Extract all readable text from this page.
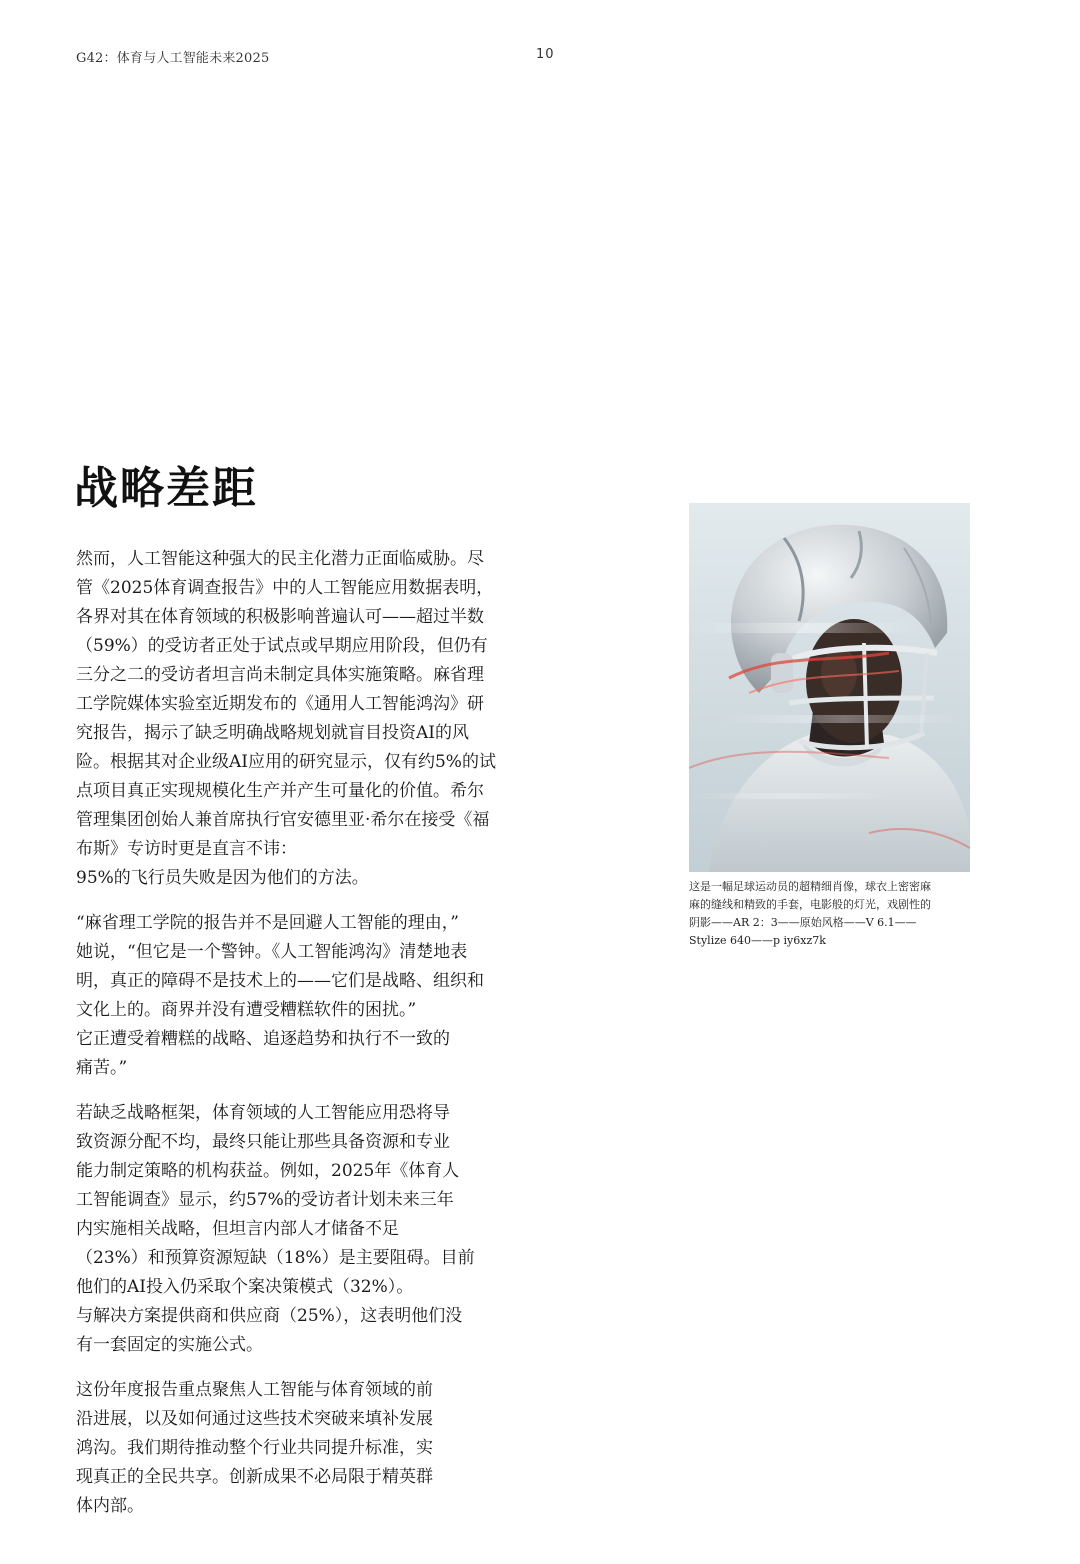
G42：体育与人工智能未来2025	10
战略差距

然而，人工智能这种强大的民主化潜力正面临威胁。尽
管《2025体育调查报告》中的人工智能应用数据表明，
各界对其在体育领域的积极影响普遍认可——超过半数
（59%）的受访者正处于试点或早期应用阶段，但仍有
三分之二的受访者坦言尚未制定具体实施策略。麻省理
工学院媒体实验室近期发布的《通用人工智能鸿沟》研
究报告，揭示了缺乏明确战略规划就盲目投资AI的风
险。根据其对企业级AI应用的研究显示，仅有约5%的试
点项目真正实现规模化生产并产生可量化的价值。希尔
管理集团创始人兼首席执行官安德里亚·希尔在接受《福
布斯》专访时更是直言不讳：
95%的飞行员失败是因为他们的方法。

“麻省理工学院的报告并不是回避人工智能的理由，”
她说，“但它是一个警钟。《人工智能鸿沟》清楚地表
明，真正的障碍不是技术上的——它们是战略、组织和
文化上的。商界并没有遭受糟糕软件的困扰。”
它正遭受着糟糕的战略、追逐趋势和执行不一致的
痛苦。”

若缺乏战略框架，体育领域的人工智能应用恐将导
致资源分配不均，最终只能让那些具备资源和专业
能力制定策略的机构获益。例如，2025年《体育人
工智能调查》显示，约57%的受访者计划未来三年
内实施相关战略，但坦言内部人才储备不足
（23%）和预算资源短缺（18%）是主要阻碍。目前
他们的AI投入仍采取个案决策模式（32%）。
与解决方案提供商和供应商（25%），这表明他们没
有一套固定的实施公式。

这份年度报告重点聚焦人工智能与体育领域的前
沿进展，以及如何通过这些技术突破来填补发展
鸿沟。我们期待推动整个行业共同提升标准，实
现真正的全民共享。创新成果不必局限于精英群
体内部。

这是一幅足球运动员的超精细肖像，球衣上密密麻
麻的缝线和精致的手套，电影般的灯光，戏剧性的
阴影——AR 2：3——原始风格——V 6.1——
Stylize 640——p iy6xz7k
